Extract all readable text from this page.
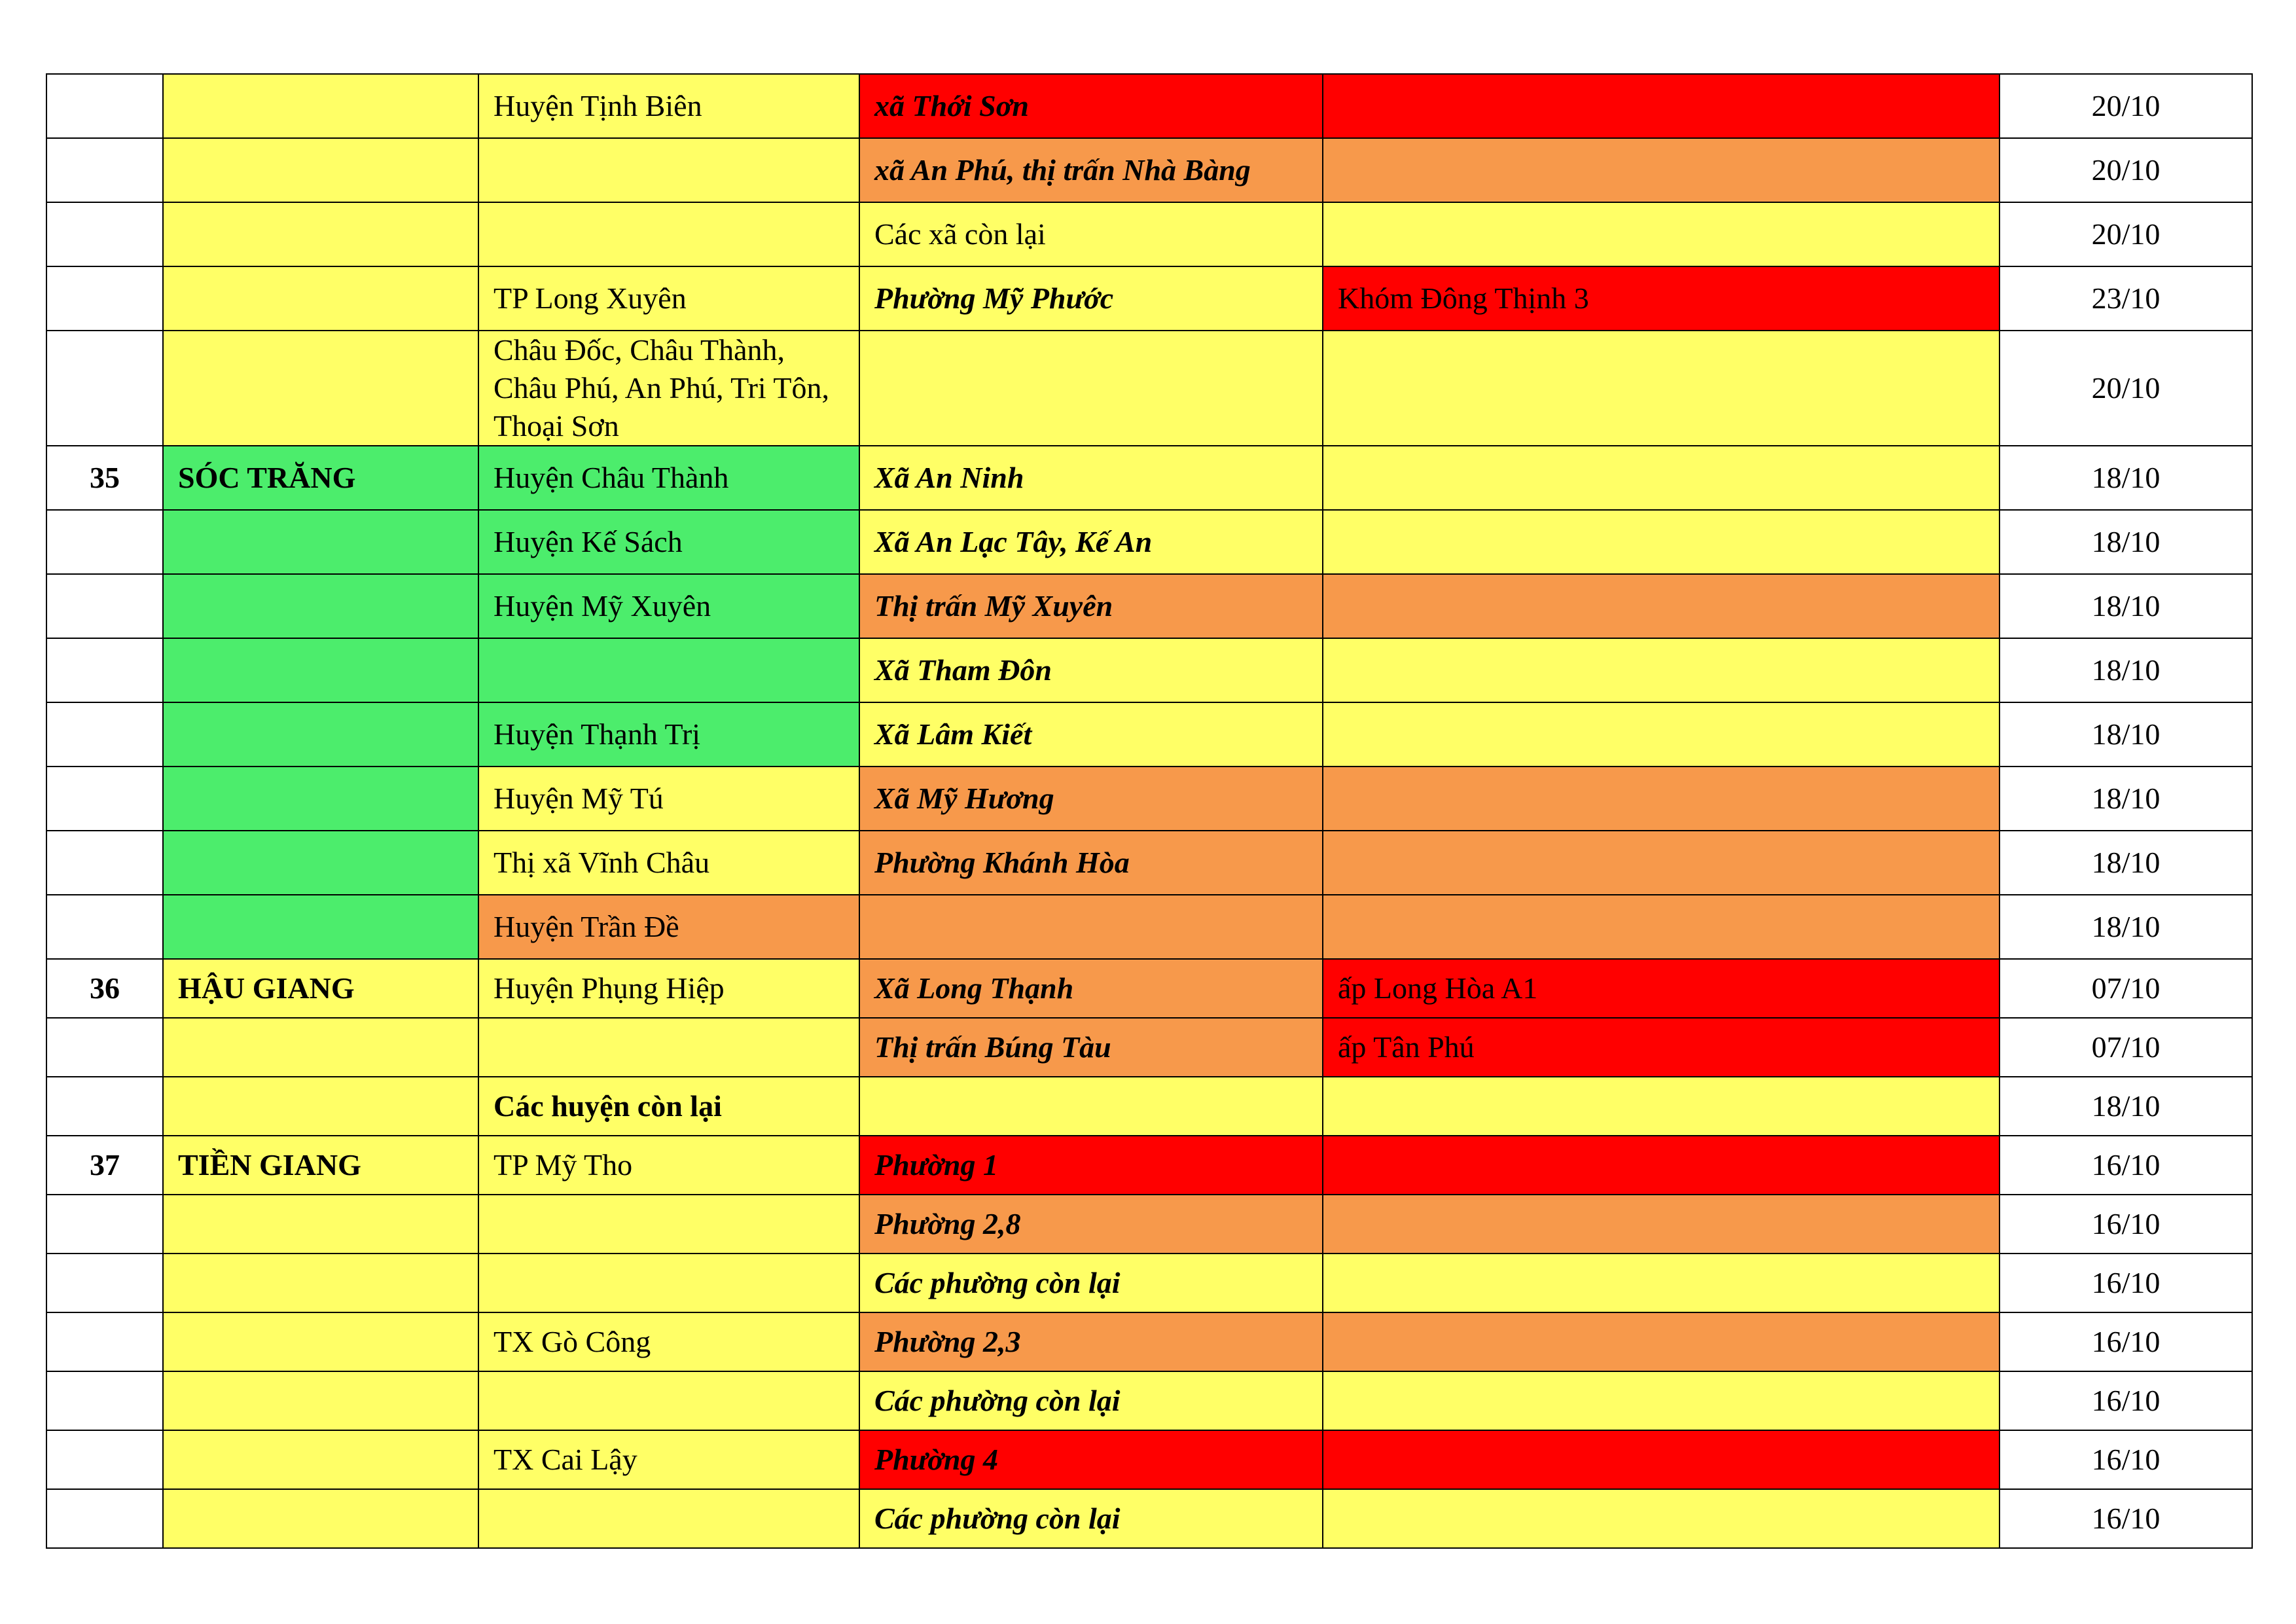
		Huyện Tịnh Biên	xã Thới Sơn		20/10
			xã An Phú, thị trấn Nhà Bàng		20/10
			Các xã còn lại		20/10
		TP Long Xuyên	Phường Mỹ Phước	Khóm Đông Thịnh 3	23/10
		Châu Đốc, Châu Thành, Châu Phú, An Phú, Tri Tôn, Thoại Sơn			20/10
35	SÓC TRĂNG	Huyện Châu Thành	Xã An Ninh		18/10
		Huyện Kế Sách	Xã An Lạc Tây, Kế An		18/10
		Huyện Mỹ Xuyên	Thị trấn Mỹ Xuyên		18/10
			Xã Tham Đôn		18/10
		Huyện Thạnh Trị	Xã Lâm Kiết		18/10
		Huyện Mỹ Tú	Xã Mỹ Hương		18/10
		Thị xã Vĩnh Châu	Phường Khánh Hòa		18/10
		Huyện Trần Đề			18/10
36	HẬU GIANG	Huyện Phụng Hiệp	Xã Long Thạnh	ấp Long Hòa A1	07/10
			Thị trấn Búng Tàu	ấp Tân Phú	07/10
		Các huyện còn lại			18/10
37	TIỀN GIANG	TP Mỹ Tho	Phường 1		16/10
			Phường 2,8		16/10
			Các phường còn lại		16/10
		TX Gò Công	Phường 2,3		16/10
			Các phường còn lại		16/10
		TX Cai Lậy	Phường 4		16/10
			Các phường còn lại		16/10
